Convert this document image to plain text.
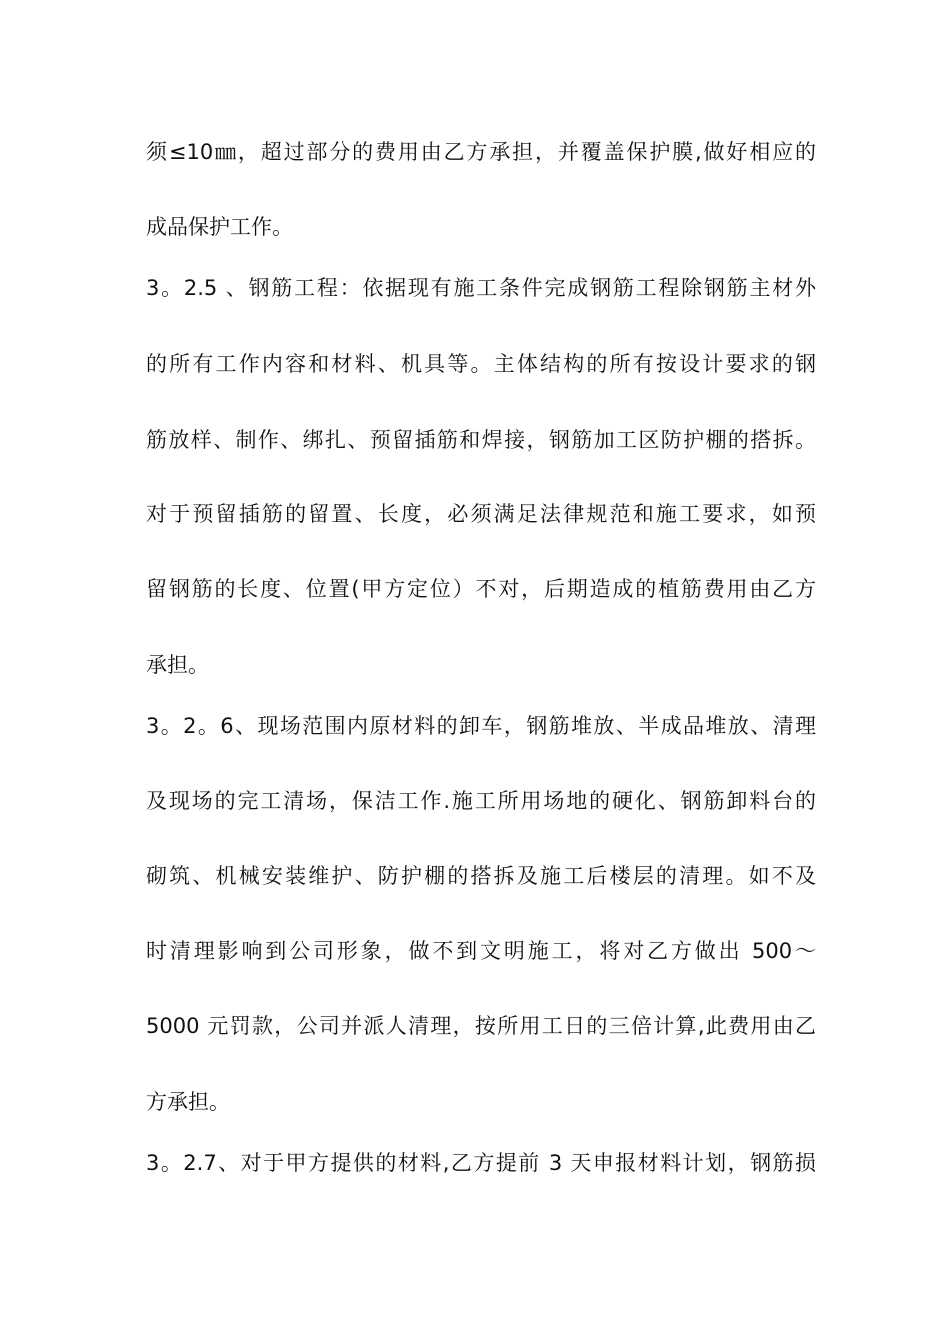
须≤10㎜，超过部分的费用由乙方承担，并覆盖保护膜,做好相应的
成品保护工作。
3。2.5 、钢筋工程：依据现有施工条件完成钢筋工程除钢筋主材外
的所有工作内容和材料、机具等。主体结构的所有按设计要求的钢
筋放样、制作、绑扎、预留插筋和焊接，钢筋加工区防护棚的搭拆。
对于预留插筋的留置、长度，必须满足法律规范和施工要求，如预
留钢筋的长度、位置(甲方定位）不对，后期造成的植筋费用由乙方
承担。
3。2。6、现场范围内原材料的卸车，钢筋堆放、半成品堆放、清理
及现场的完工清场，保洁工作.施工所用场地的硬化、钢筋卸料台的
砌筑、机械安装维护、防护棚的搭拆及施工后楼层的清理。如不及
时清理影响到公司形象，做不到文明施工，将对乙方做出 500～
5000 元罚款，公司并派人清理，按所用工日的三倍计算,此费用由乙
方承担。
3。2.7、对于甲方提供的材料,乙方提前 3 天申报材料计划，钢筋损
